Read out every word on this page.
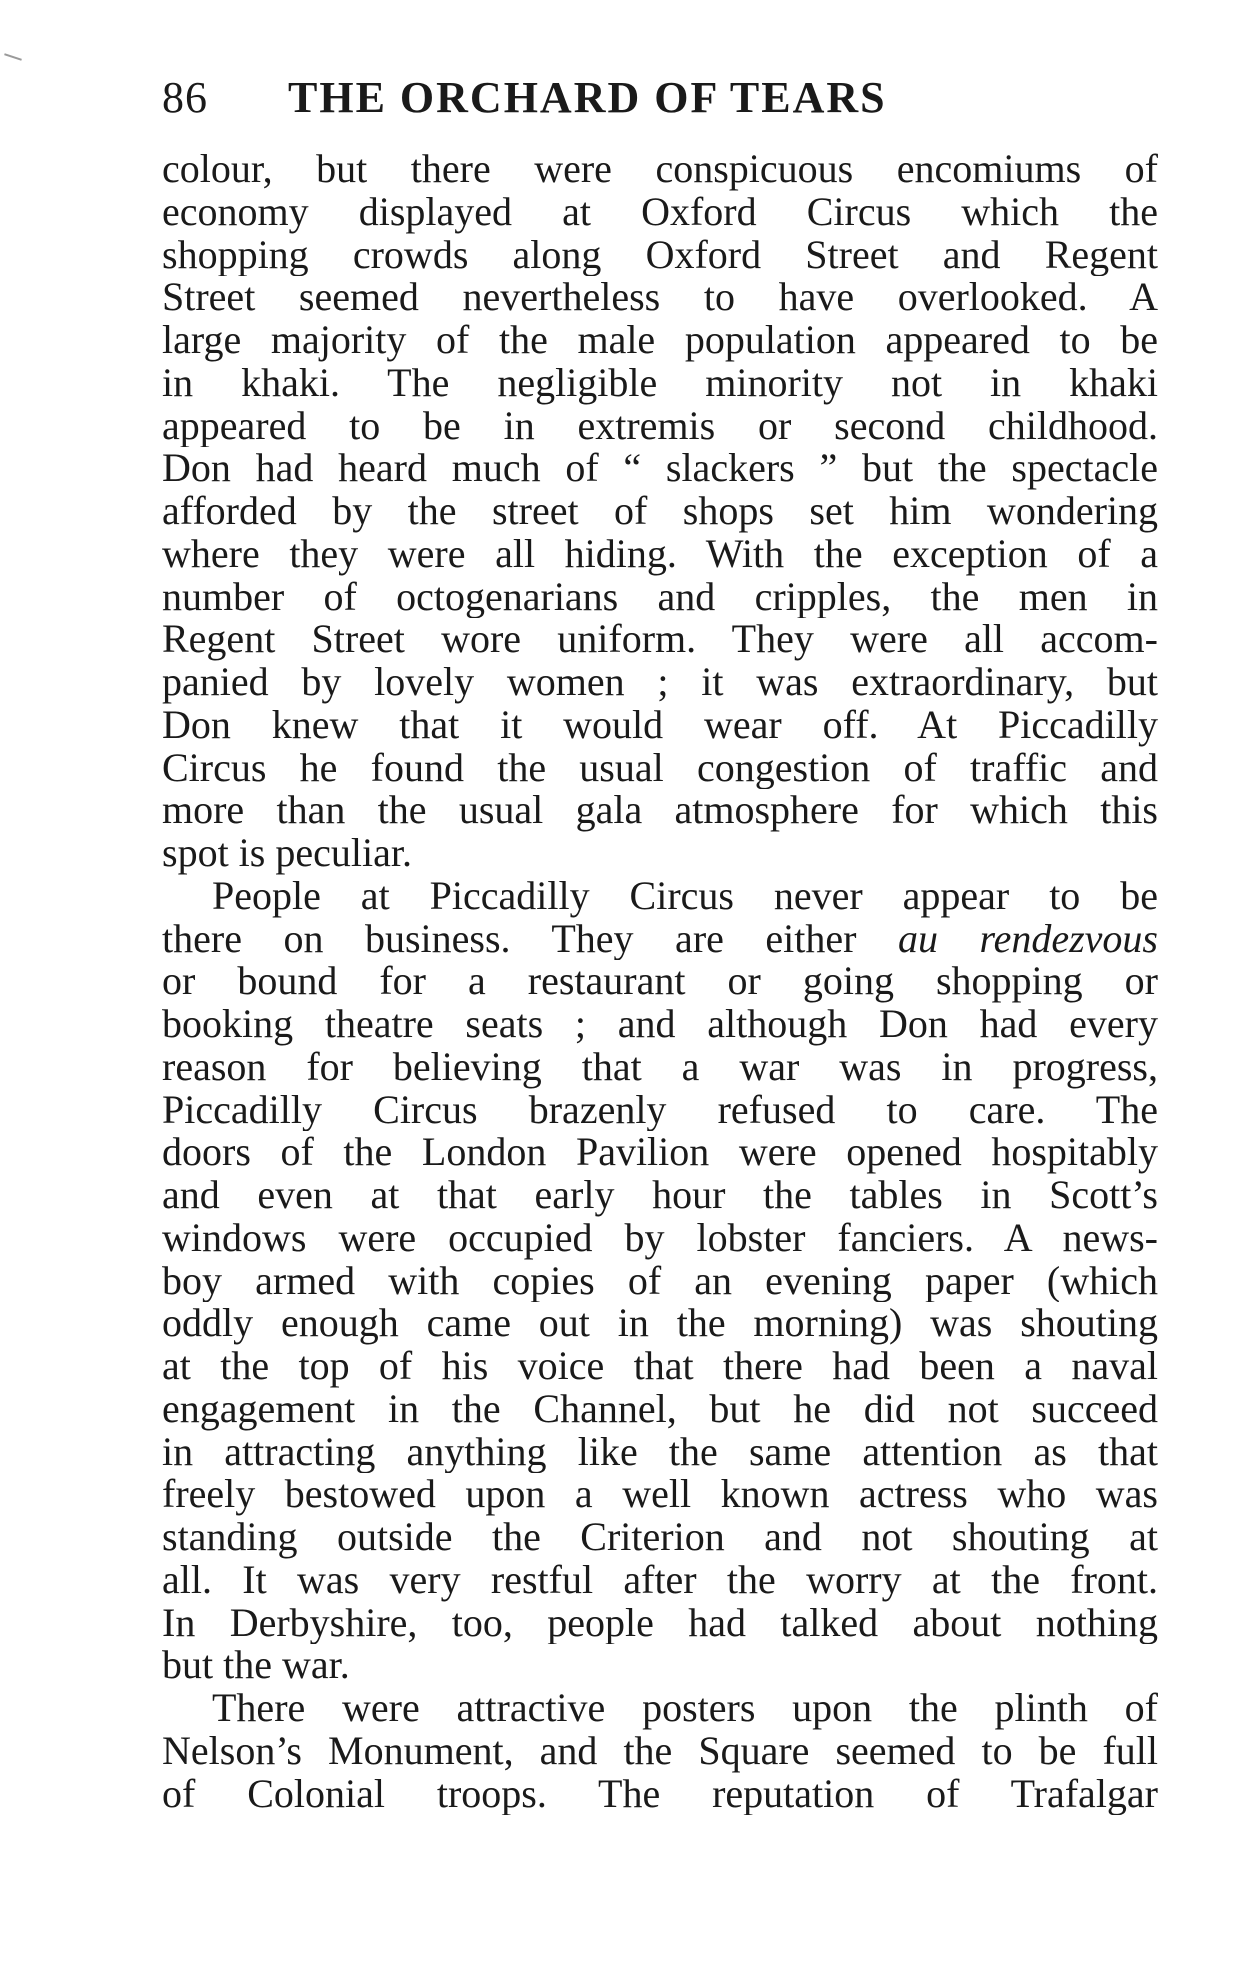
86 THE ORCHARD OF TEARS
colour, but there were conspicuous encomiums of
economy displayed at Oxford Circus which the
shopping crowds along Oxford Street and Regent
Street seemed nevertheless to have overlooked. A
large majority of the male population appeared to be
in khaki. The negligible minority not in khaki
appeared to be in extremis or second childhood.
Don had heard much of “ slackers ” but the spectacle
afforded by the street of shops set him wondering
where they were all hiding. With the exception of a
number of octogenarians and cripples, the men in
Regent Street wore uniform. They were all accom-
panied by lovely women ; it was extraordinary, but
Don knew that it would wear off. At Piccadilly
Circus he found the usual congestion of traffic and
more than the usual gala atmosphere for which this
spot is peculiar.
People at Piccadilly Circus never appear to be
there on business. They are either au rendezvous
or bound for a restaurant or going shopping or
booking theatre seats ; and although Don had every
reason for believing that a war was in progress,
Piccadilly Circus brazenly refused to care. The
doors of the London Pavilion were opened hospitably
and even at that early hour the tables in Scott’s
windows were occupied by lobster fanciers. A news-
boy armed with copies of an evening paper (which
oddly enough came out in the morning) was shouting
at the top of his voice that there had been a naval
engagement in the Channel, but he did not succeed
in attracting anything like the same attention as that
freely bestowed upon a well known actress who was
standing outside the Criterion and not shouting at
all. It was very restful after the worry at the front.
In Derbyshire, too, people had talked about nothing
but the war.
There were attractive posters upon the plinth of
Nelson’s Monument, and the Square seemed to be full
of Colonial troops. The reputation of Trafalgar
